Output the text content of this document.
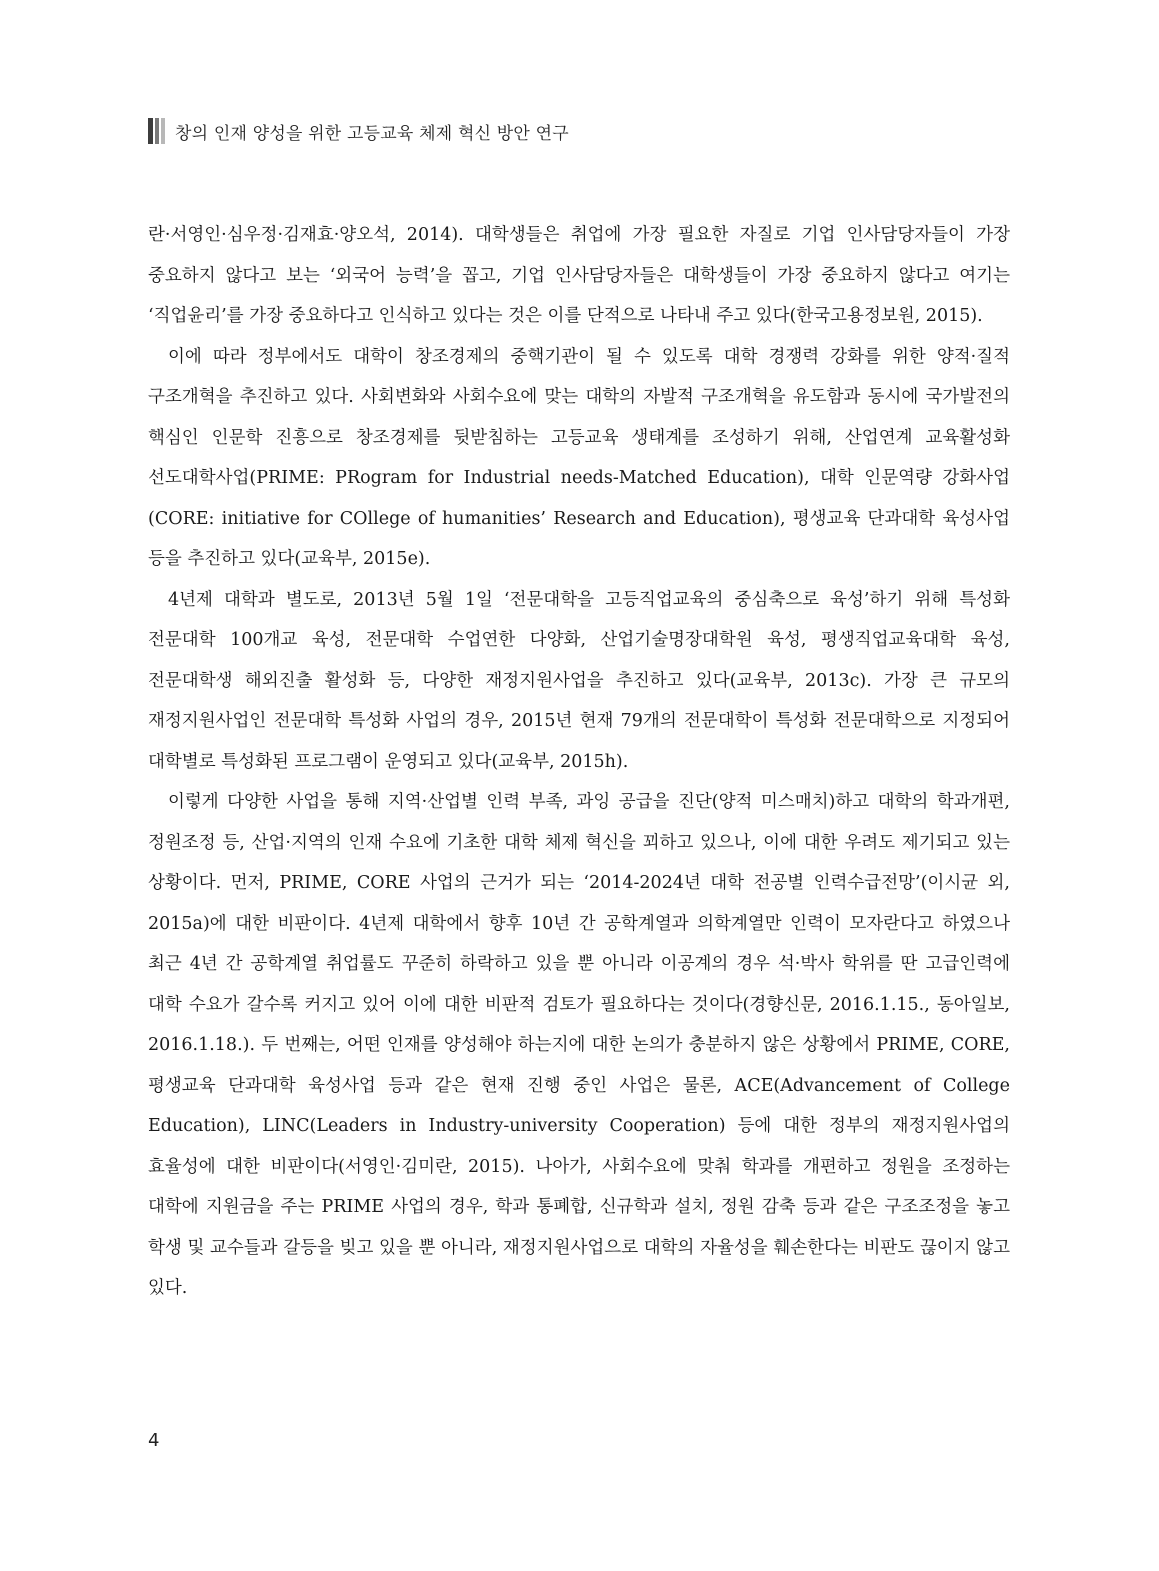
창의 인재 양성을 위한 고등교육 체제 혁신 방안 연구

란·서영인·심우정·김재효·양오석, 2014). 대학생들은 취업에 가장 필요한 자질로 기업 인사담당자들이 가장 중요하지 않다고 보는 ‘외국어 능력’을 꼽고, 기업 인사담당자들은 대학생들이 가장 중요하지 않다고 여기는 ‘직업윤리’를 가장 중요하다고 인식하고 있다는 것은 이를 단적으로 나타내 주고 있다(한국고용정보원, 2015).

이에 따라 정부에서도 대학이 창조경제의 중핵기관이 될 수 있도록 대학 경쟁력 강화를 위한 양적·질적 구조개혁을 추진하고 있다. 사회변화와 사회수요에 맞는 대학의 자발적 구조개혁을 유도함과 동시에 국가발전의 핵심인 인문학 진흥으로 창조경제를 뒷받침하는 고등교육 생태계를 조성하기 위해, 산업연계 교육활성화 선도대학사업(PRIME: PRogram for Industrial needs-Matched Education), 대학 인문역량 강화사업(CORE: initiative for COllege of humanities’ Research and Education), 평생교육 단과대학 육성사업 등을 추진하고 있다(교육부, 2015e).

4년제 대학과 별도로, 2013년 5월 1일 ‘전문대학을 고등직업교육의 중심축으로 육성’하기 위해 특성화 전문대학 100개교 육성, 전문대학 수업연한 다양화, 산업기술명장대학원 육성, 평생직업교육대학 육성, 전문대학생 해외진출 활성화 등, 다양한 재정지원사업을 추진하고 있다(교육부, 2013c). 가장 큰 규모의 재정지원사업인 전문대학 특성화 사업의 경우, 2015년 현재 79개의 전문대학이 특성화 전문대학으로 지정되어 대학별로 특성화된 프로그램이 운영되고 있다(교육부, 2015h).

이렇게 다양한 사업을 통해 지역·산업별 인력 부족, 과잉 공급을 진단(양적 미스매치)하고 대학의 학과개편, 정원조정 등, 산업·지역의 인재 수요에 기초한 대학 체제 혁신을 꾀하고 있으나, 이에 대한 우려도 제기되고 있는 상황이다. 먼저, PRIME, CORE 사업의 근거가 되는 ‘2014-2024년 대학 전공별 인력수급전망’(이시균 외, 2015a)에 대한 비판이다. 4년제 대학에서 향후 10년 간 공학계열과 의학계열만 인력이 모자란다고 하였으나 최근 4년 간 공학계열 취업률도 꾸준히 하락하고 있을 뿐 아니라 이공계의 경우 석·박사 학위를 딴 고급인력에 대학 수요가 갈수록 커지고 있어 이에 대한 비판적 검토가 필요하다는 것이다(경향신문, 2016.1.15., 동아일보, 2016.1.18.). 두 번째는, 어떤 인재를 양성해야 하는지에 대한 논의가 충분하지 않은 상황에서 PRIME, CORE, 평생교육 단과대학 육성사업 등과 같은 현재 진행 중인 사업은 물론, ACE(Advancement of College Education), LINC(Leaders in Industry-university Cooperation) 등에 대한 정부의 재정지원사업의 효율성에 대한 비판이다(서영인·김미란, 2015). 나아가, 사회수요에 맞춰 학과를 개편하고 정원을 조정하는 대학에 지원금을 주는 PRIME 사업의 경우, 학과 통폐합, 신규학과 설치, 정원 감축 등과 같은 구조조정을 놓고 학생 및 교수들과 갈등을 빚고 있을 뿐 아니라, 재정지원사업으로 대학의 자율성을 훼손한다는 비판도 끊이지 않고 있다.

4
